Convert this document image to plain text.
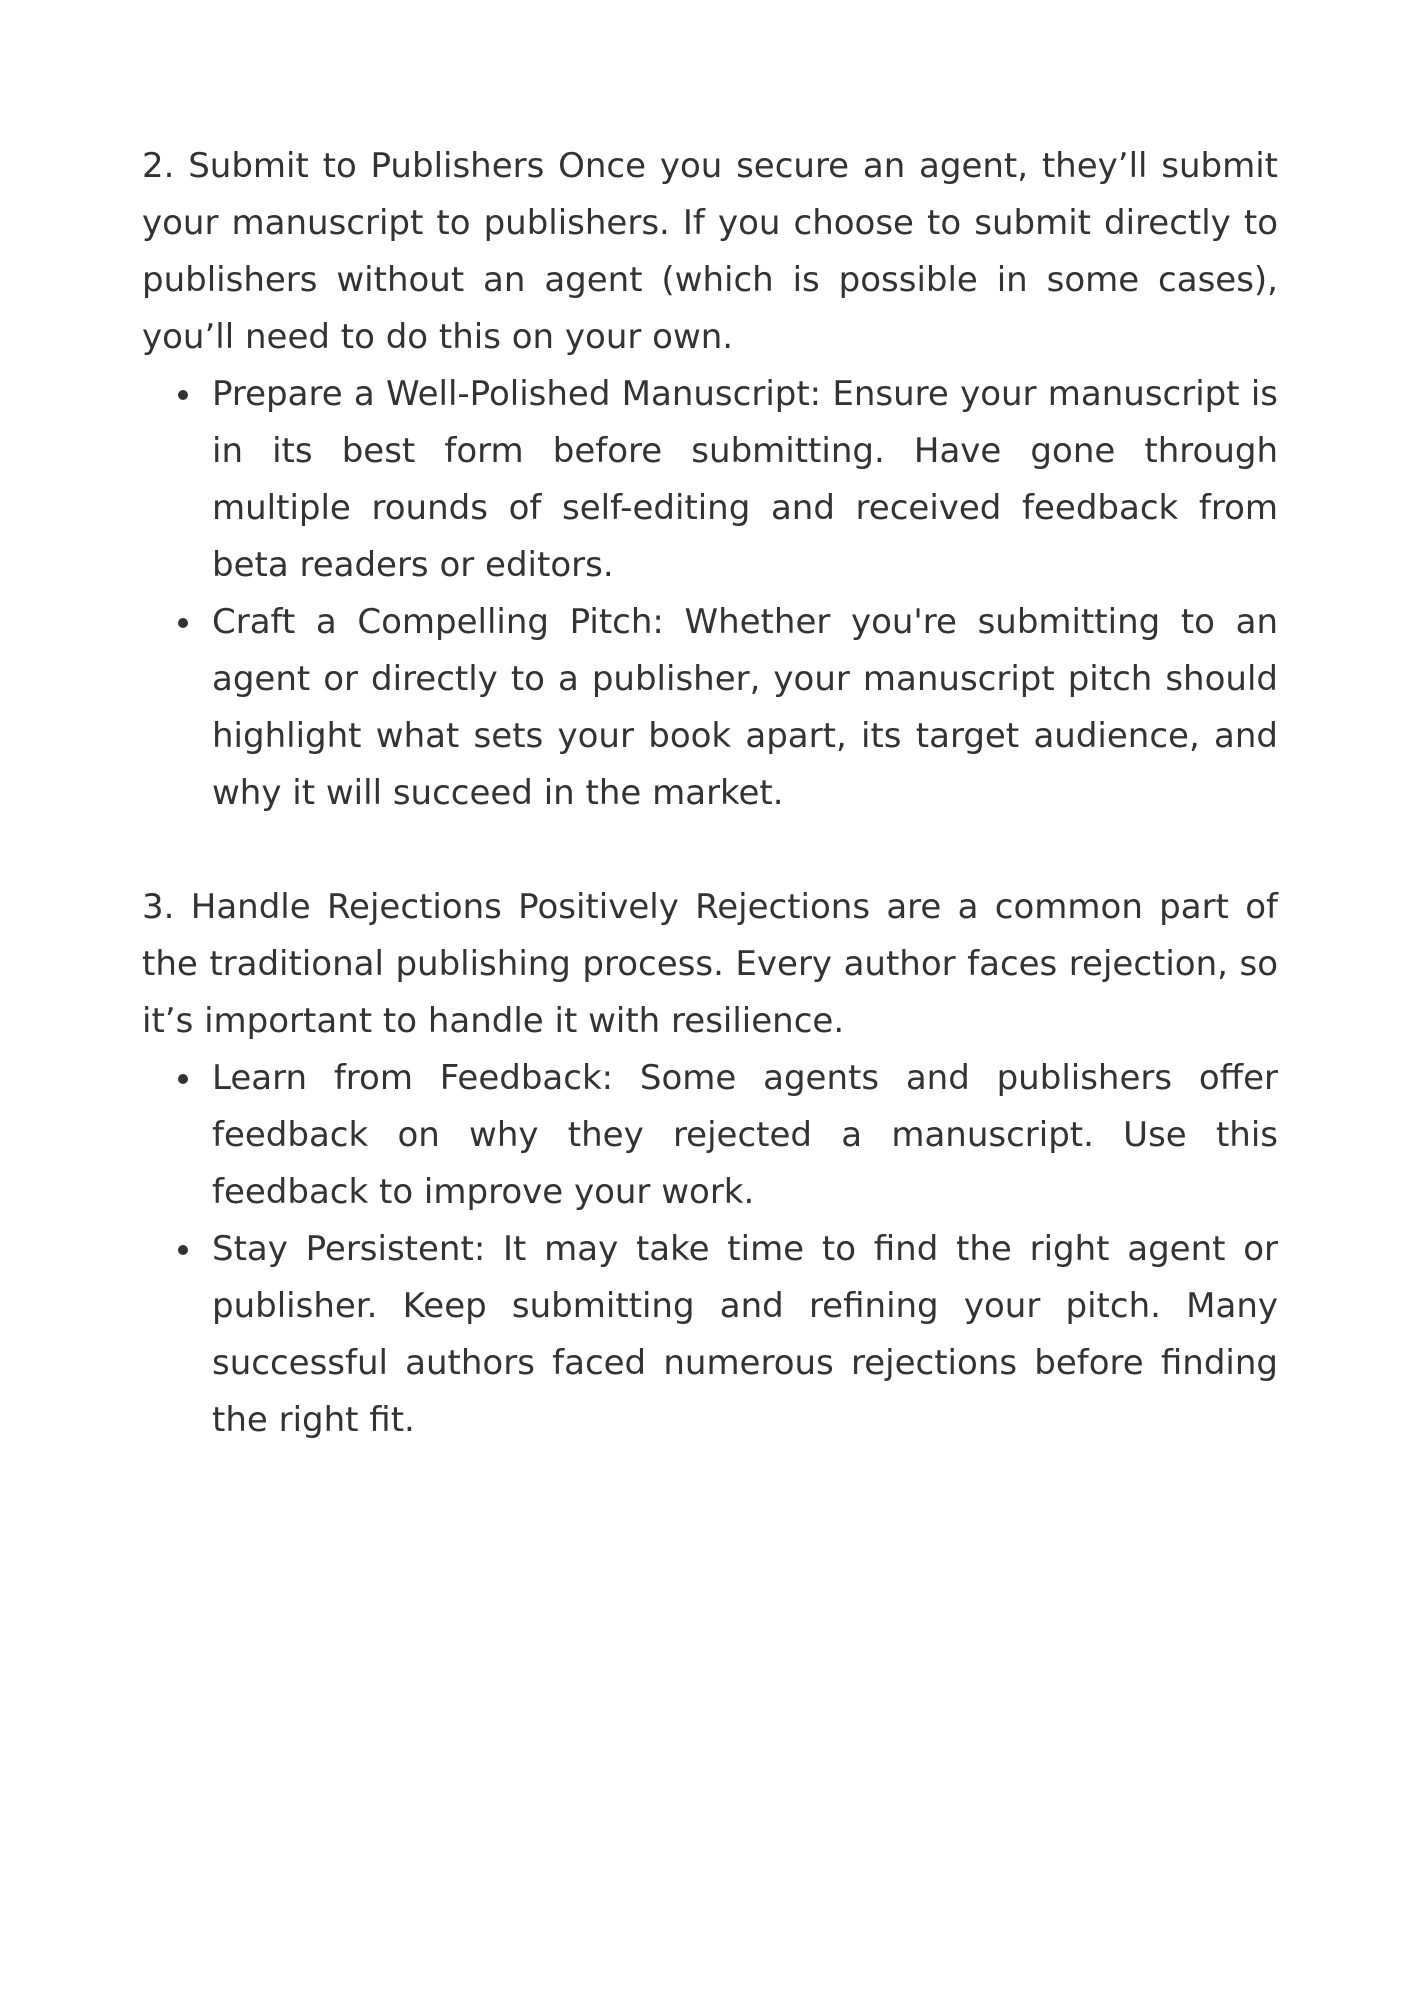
2. Submit to Publishers Once you secure an agent, they’ll submit your manuscript to publishers. If you choose to submit directly to publishers without an agent (which is possible in some cases), you’ll need to do this on your own.

Prepare a Well-Polished Manuscript: Ensure your manuscript is in its best form before submitting. Have gone through multiple rounds of self-editing and received feedback from beta readers or editors.
Craft a Compelling Pitch: Whether you're submitting to an agent or directly to a publisher, your manuscript pitch should highlight what sets your book apart, its target audience, and why it will succeed in the market.

3. Handle Rejections Positively Rejections are a common part of the traditional publishing process. Every author faces rejection, so it’s important to handle it with resilience.

Learn from Feedback: Some agents and publishers offer feedback on why they rejected a manuscript. Use this feedback to improve your work.
Stay Persistent: It may take time to find the right agent or publisher. Keep submitting and refining your pitch. Many successful authors faced numerous rejections before finding the right fit.
